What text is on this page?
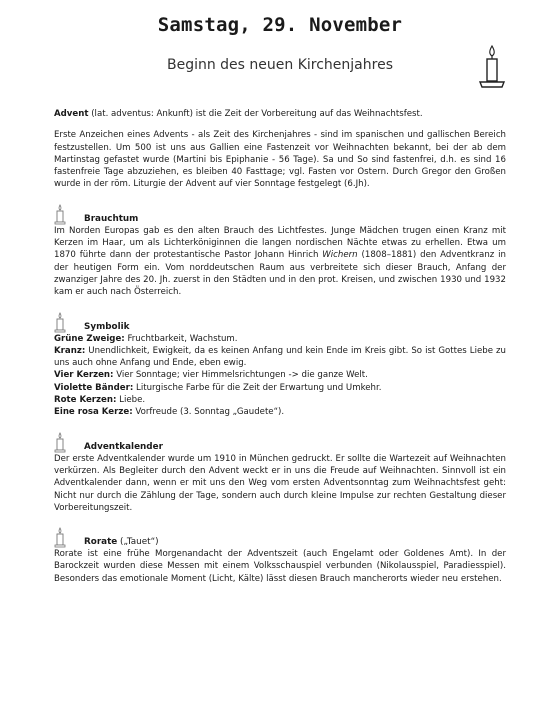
Samstag, 29. November
Beginn des neuen Kirchenjahres

Advent (lat. adventus: Ankunft) ist die Zeit der Vorbereitung auf das Weihnachtsfest.

Erste Anzeichen eines Advents - als Zeit des Kirchenjahres - sind im spanischen und gallischen Bereich festzustellen. Um 500 ist uns aus Gallien eine Fastenzeit vor Weihnachten bekannt, bei der ab dem Martinstag gefastet wurde (Martini bis Epiphanie - 56 Tage). Sa und So sind fastenfrei, d.h. es sind 16 fastenfreie Tage abzuziehen, es bleiben 40 Fasttage; vgl. Fasten vor Ostern. Durch Gregor den Großen wurde in der röm. Liturgie der Advent auf vier Sonntage festgelegt (6.Jh).

Brauchtum

Im Norden Europas gab es den alten Brauch des Lichtfestes. Junge Mädchen trugen einen Kranz mit Kerzen im Haar, um als Lichterköniginnen die langen nordischen Nächte etwas zu erhellen. Etwa um 1870 führte dann der protestantische Pastor Johann Hinrich Wichern (1808–1881) den Adventkranz in der heutigen Form ein. Vom norddeutschen Raum aus verbreitete sich dieser Brauch, Anfang der zwanziger Jahre des 20. Jh. zuerst in den Städten und in den prot. Kreisen, und zwischen 1930 und 1932 kam er auch nach Österreich.

Symbolik

Grüne Zweige: Fruchtbarkeit, Wachstum.

Kranz: Unendlichkeit, Ewigkeit, da es keinen Anfang und kein Ende im Kreis gibt. So ist Gottes Liebe zu uns auch ohne Anfang und Ende, eben ewig.

Vier Kerzen: Vier Sonntage; vier Himmelsrichtungen -> die ganze Welt.

Violette Bänder: Liturgische Farbe für die Zeit der Erwartung und Umkehr.

Rote Kerzen: Liebe.

Eine rosa Kerze: Vorfreude (3. Sonntag „Gaudete“).

Adventkalender

Der erste Adventkalender wurde um 1910 in München gedruckt. Er sollte die Wartezeit auf Weihnachten verkürzen. Als Begleiter durch den Advent weckt er in uns die Freude auf Weihnachten. Sinnvoll ist ein Adventkalender dann, wenn er mit uns den Weg vom ersten Adventsonntag zum Weihnachtsfest geht: Nicht nur durch die Zählung der Tage, sondern auch durch kleine Impulse zur rechten Gestaltung dieser Vorbereitungszeit.

Rorate („Tauet“)

Rorate ist eine frühe Morgenandacht der Adventszeit (auch Engelamt oder Goldenes Amt). In der Barockzeit wurden diese Messen mit einem Volksschauspiel verbunden (Nikolausspiel, Paradiesspiel). Besonders das emotionale Moment (Licht, Kälte) lässt diesen Brauch mancherorts wieder neu erstehen.
